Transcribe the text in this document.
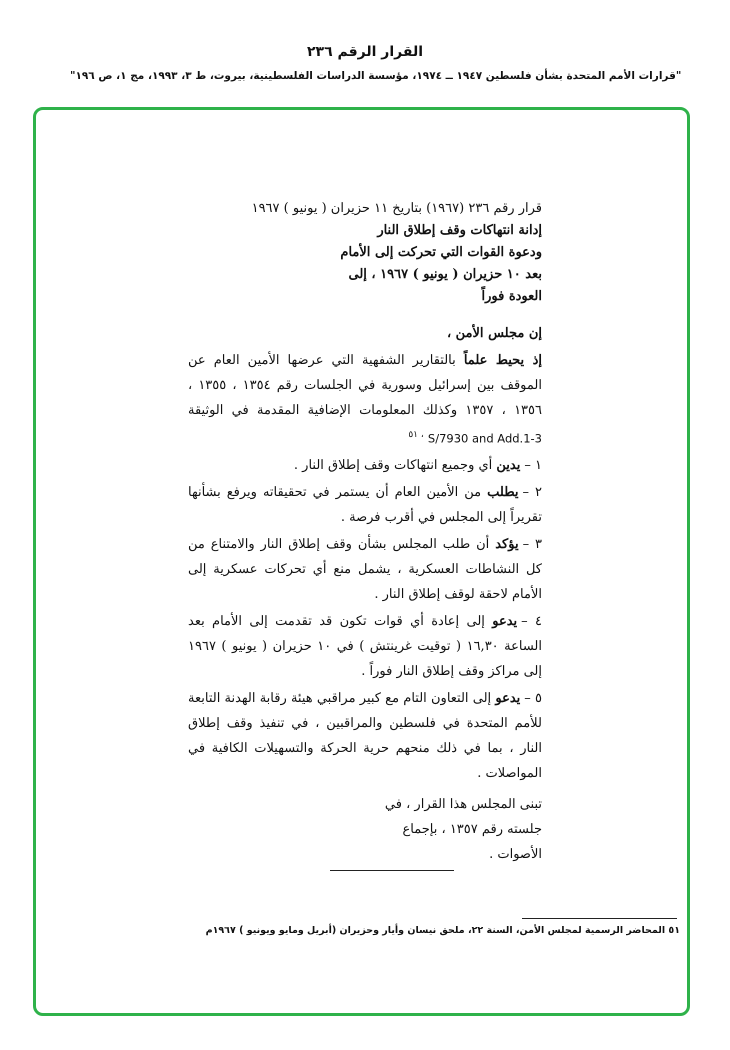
القرار الرقم ٢٣٦
"قرارات الأمم المتحدة بشأن فلسطين ١٩٤٧ ــ ١٩٧٤، مؤسسة الدراسات الفلسطينية، بيروت، ط ٣، ١٩٩٣، مج ١، ص ١٩٦"
قرار رقم ٢٣٦ (١٩٦٧) بتاريخ ١١ حزيران ( يونيو ) ١٩٦٧
إدانة انتهاكات وقف إطلاق النار
ودعوة القوات التي تحركت إلى الأمام
بعد ١٠ حزيران ( يونيو ) ١٩٦٧ ، إلى
العودة فوراً
إن مجلس الأمن ،
إذ يحيط علماً بالتقارير الشفهية التي عرضها الأمين العام عن الموقف بين إسرائيل وسورية في الجلسات رقم ١٣٥٤ ، ١٣٥٥ ، ١٣٥٦ ، ١٣٥٧ وكذلك المعلومات الإضافية المقدمة في الوثيقة S/7930 and Add.1-3 $^{، ٥١}$
١ –يدين أي وجميع انتهاكات وقف إطلاق النار .
٢ –يطلب من الأمين العام أن يستمر في تحقيقاته ويرفع بشأنها تقريراً إلى المجلس في أقرب فرصة .
٣ –يؤكد أن طلب المجلس بشأن وقف إطلاق النار والامتناع من كل النشاطات العسكرية ، يشمل منع أي تحركات عسكرية إلى الأمام لاحقة لوقف إطلاق النار .
٤ –يدعو إلى إعادة أي قوات تكون قد تقدمت إلى الأمام بعد الساعة ١٦,٣٠ ( توقيت غرينتش ) في ١٠ حزيران ( يونيو ) ١٩٦٧ إلى مراكز وقف إطلاق النار فوراً .
٥ –يدعو إلى التعاون التام مع كبير مراقبي هيئة رقابة الهدنة التابعة للأمم المتحدة في فلسطين والمراقبين ، في تنفيذ وقف إطلاق النار ، بما في ذلك منحهم حرية الحركة والتسهيلات الكافية في المواصلات .
تبنى المجلس هذا القرار ، في جلسته رقم ١٣٥٧ ، بإجماع الأصوات .
٥١ المحاضر الرسمية لمجلس الأمن، السنة ٢٢، ملحق نيسان وأيار وحزيران (أبريل ومايو ويونيو ) ١٩٦٧م
